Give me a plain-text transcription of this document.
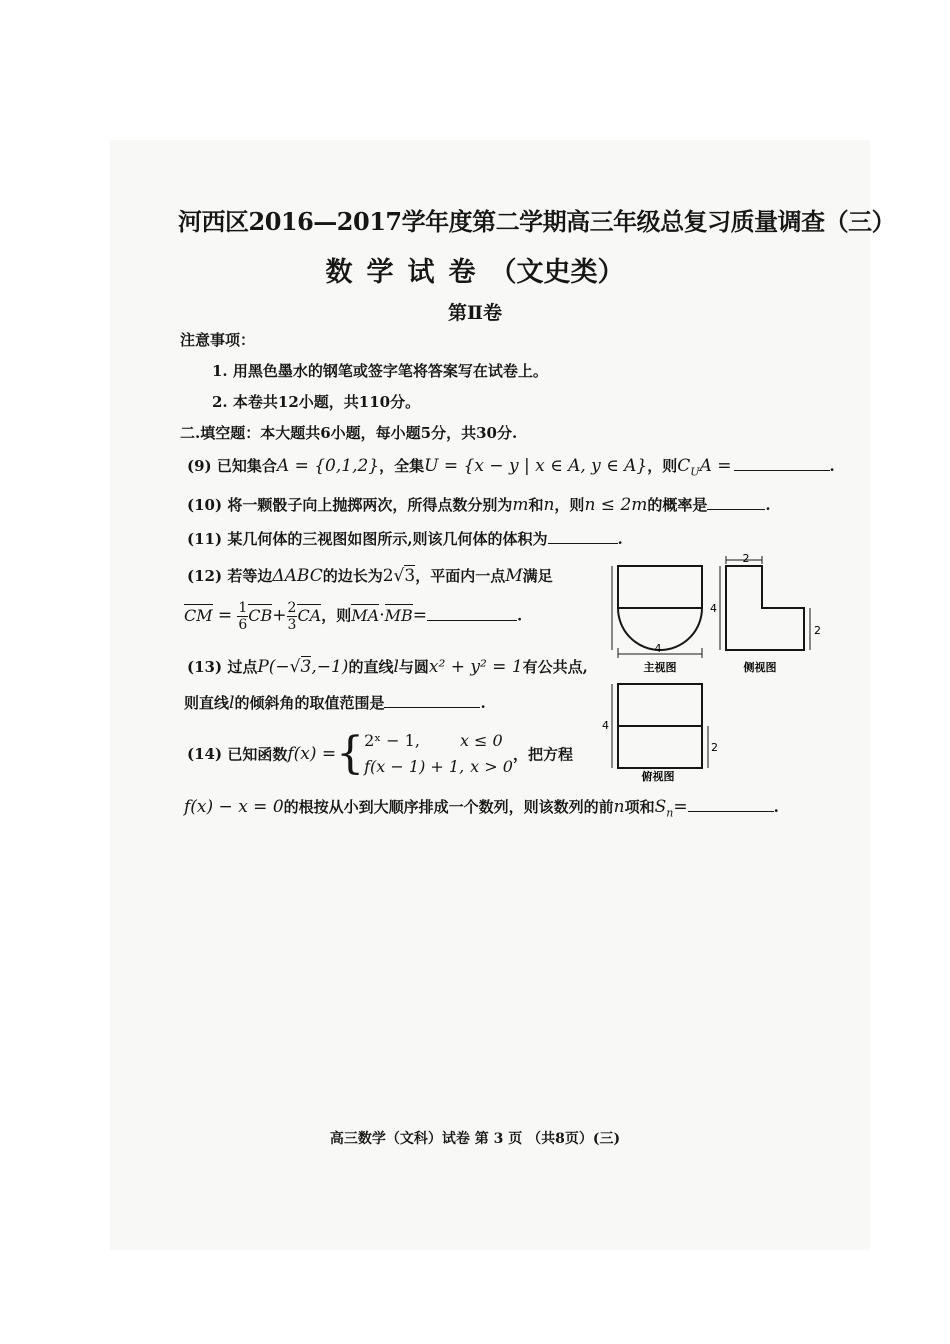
河西区2016—2017学年度第二学期高三年级总复习质量调查（三）
数学试卷（文史类）
第Ⅱ卷
注意事项：
1. 用黑色墨水的钢笔或签字笔将答案写在试卷上。
2. 本卷共12小题，共110分。
二.填空题：本大题共6小题，每小题5分，共30分.
(9) 已知集合A = {0,1,2}，全集U = {x − y | x ∈ A, y ∈ A}，则$C_UA$ =	.
(10) 将一颗骰子向上抛掷两次，所得点数分别为m和n，则n ≤ 2m的概率是	.
(11) 某几何体的三视图如图所示,则该几何体的体积为	.
(12) 若等边ΔABC的边长为2√3，平面内一点M满足
CM = $\frac{1}{6} CB+ \frac{2}{3}$ CA，则MA·MB=	.
(13) 过点P(−√3,−1)的直线l与圆x² + y² = 1有公共点,
则直线l的倾斜角的取值范围是	.
(14) 已知函数f(x) ={ 2ˣ − 1,	x ≤ 0
f(x − 1) + 1, x > 0
，把方程
f(x) − x = 0的根按从小到大顺序排成一个数列，则该数列的前n项和$S_n=$	.
4
主视图
2
4
2
侧视图
4
2
俯视图
高三数学（文科）试卷 第 3 页 （共8页）(三)
